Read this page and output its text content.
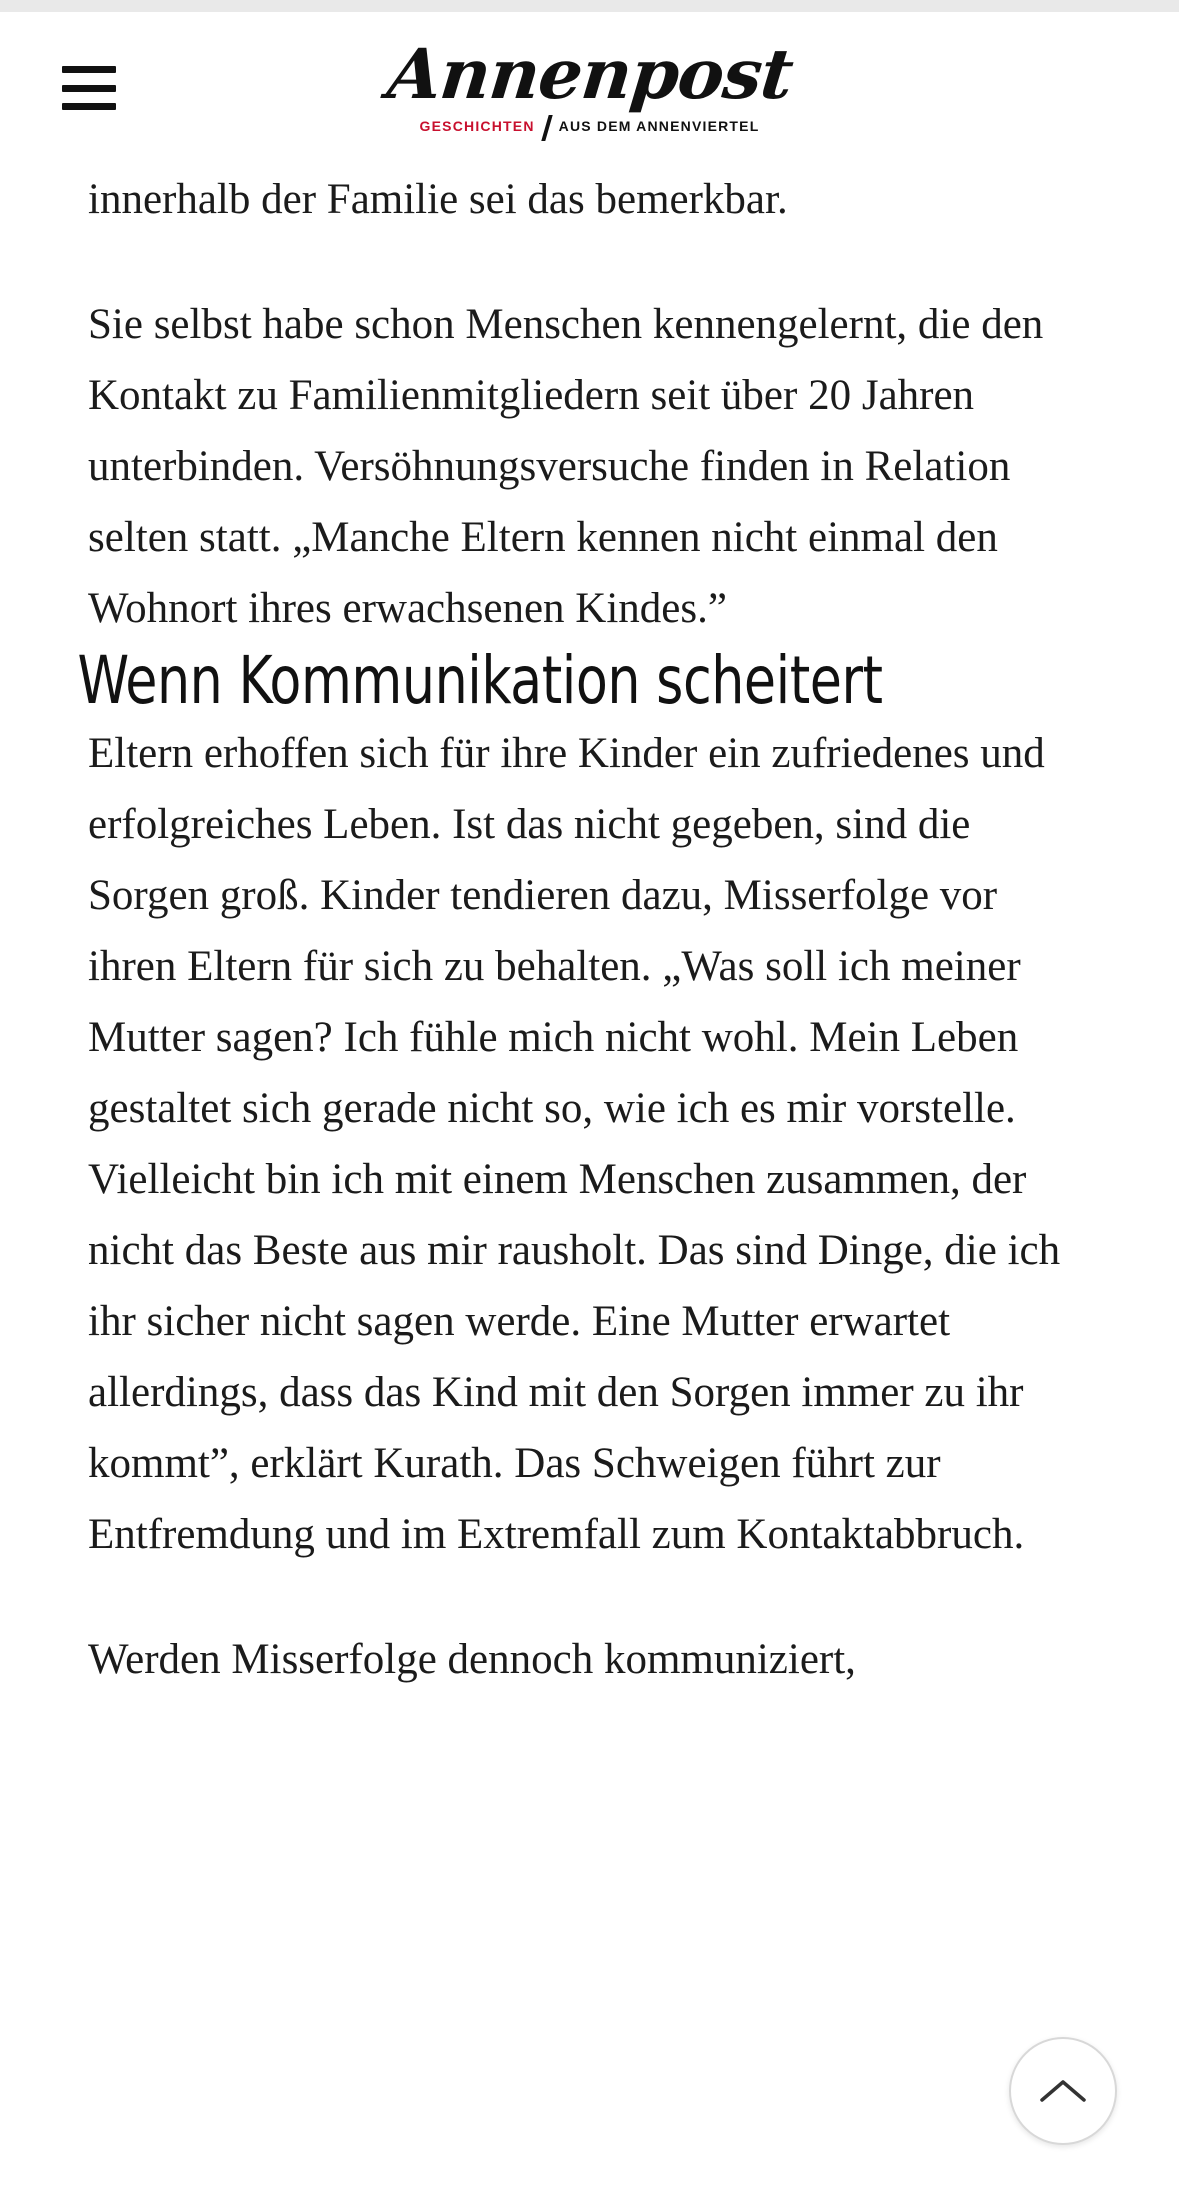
Annenpost
GESCHICHTEN AUS DEM ANNENVIERTEL

innerhalb der Familie sei das bemerkbar.

Sie selbst habe schon Menschen kennengelernt, die den Kontakt zu Familienmitgliedern seit über 20 Jahren unterbinden. Versöhnungsversuche finden in Relation selten statt. „Manche Eltern kennen nicht einmal den Wohnort ihres erwachsenen Kindes.”

Wenn Kommunikation scheitert

Eltern erhoffen sich für ihre Kinder ein zufriedenes und erfolgreiches Leben. Ist das nicht gegeben, sind die Sorgen groß. Kinder tendieren dazu, Misserfolge vor ihren Eltern für sich zu behalten. „Was soll ich meiner Mutter sagen? Ich fühle mich nicht wohl. Mein Leben gestaltet sich gerade nicht so, wie ich es mir vorstelle. Vielleicht bin ich mit einem Menschen zusammen, der nicht das Beste aus mir rausholt. Das sind Dinge, die ich ihr sicher nicht sagen werde. Eine Mutter erwartet allerdings, dass das Kind mit den Sorgen immer zu ihr kommt”, erklärt Kurath. Das Schweigen führt zur Entfremdung und im Extremfall zum Kontaktabbruch.

Werden Misserfolge dennoch kommuniziert,
